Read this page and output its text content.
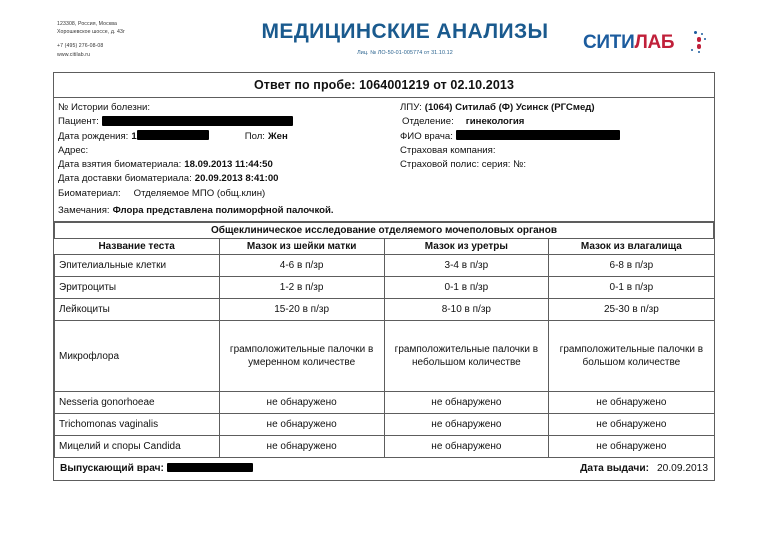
123308, Россия, Москва
Хорошевское шоссе, д. 43г
+7 (495) 276-08-08
www.citilab.ru
МЕДИЦИНСКИЕ АНАЛИЗЫ
Лиц. № ЛО-50-01-005774 от 31.10.12	СИТИЛАБ
Ответ по пробе: 1064001219 от 02.10.2013
№ Истории болезни:
Пациент:
Дата рождения: 1	Пол: Жен
Адрес:
Дата взятия биоматериала: 18.09.2013 11:44:50
Дата доставки биоматериала: 20.09.2013 8:41:00
Биоматериал: Отделяемое МПО (общ.клин)
Замечания: Флора представлена полиморфной палочкой.
ЛПУ: (1064) Ситилаб (Ф) Усинск (РГСмед)
Отделение: гинекология
ФИО врача:
Страховая компания:
Страховой полис: серия: №:
Общеклиническое исследование отделяемого мочеполовых органов			
Название теста	Мазок из шейки матки	Мазок из уретры	Мазок из влагалища
Эпителиальные клетки	4-6 в п/зр	3-4 в п/зр	6-8 в п/зр
Эритроциты	1-2 в п/зр	0-1 в п/зр	0-1 в п/зр
Лейкоциты	15-20 в п/зр	8-10 в п/зр	25-30 в п/зр
Микрофлора	грамположительные палочки в умеренном количестве	грамположительные палочки в небольшом количестве	грамположительные палочки в большом количестве
Nesseria gonorhoeae	не обнаружено	не обнаружено	не обнаружено
Trichomonas vaginalis	не обнаружено	не обнаружено	не обнаружено
Мицелий и споры Candida	не обнаружено	не обнаружено	не обнаружено
Выпускающий врач:	Дата выдачи: 20.09.2013
